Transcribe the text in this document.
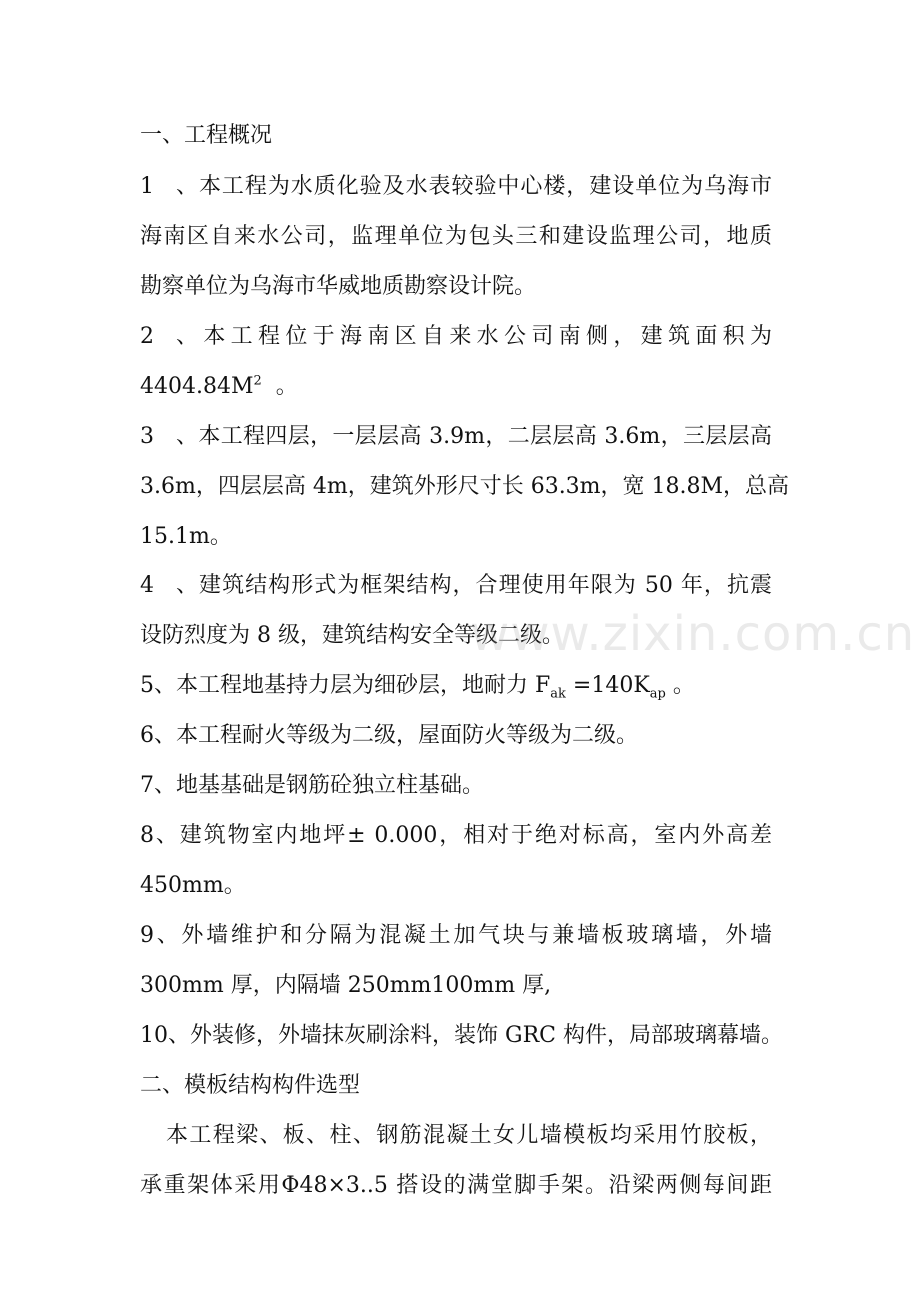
一、工程概况
1、本工程为水质化验及水表较验中心楼，建设单位为乌海市
海南区自来水公司，监理单位为包头三和建设监理公司，地质
勘察单位为乌海市华威地质勘察设计院。
2、本工程位于海南区自来水公司南侧，建筑面积为
$4404.84M^2$ 。
3、本工程四层，一层层高 3.9m，二层层高 3.6m，三层层高
3.6m，四层层高 4m，建筑外形尺寸长 63.3m，宽 18.8M，总高
15.1m。
4、建筑结构形式为框架结构，合理使用年限为 50 年，抗震
设防烈度为 8 级，建筑结构安全等级二级。
5、本工程地基持力层为细砂层，地耐力 $F_{ak} =140K_{ap}$ 。
6、本工程耐火等级为二级，屋面防火等级为二级。
7、地基基础是钢筋砼独立柱基础。
8、建筑物室内地坪± 0.000，相对于绝对标高，室内外高差
450mm。
9、外墙维护和分隔为混凝土加气块与兼墙板玻璃墙，外墙
300mm 厚，内隔墙 250mm100mm 厚,
10、外装修，外墙抹灰刷涂料，装饰 GRC 构件，局部玻璃幕墙。
二、模板结构构件选型
本工程梁、板、柱、钢筋混凝土女儿墙模板均采用竹胶板，
承重架体采用Φ48×3..5 搭设的满堂脚手架。沿梁两侧每间距
www.zixin.com.cn
